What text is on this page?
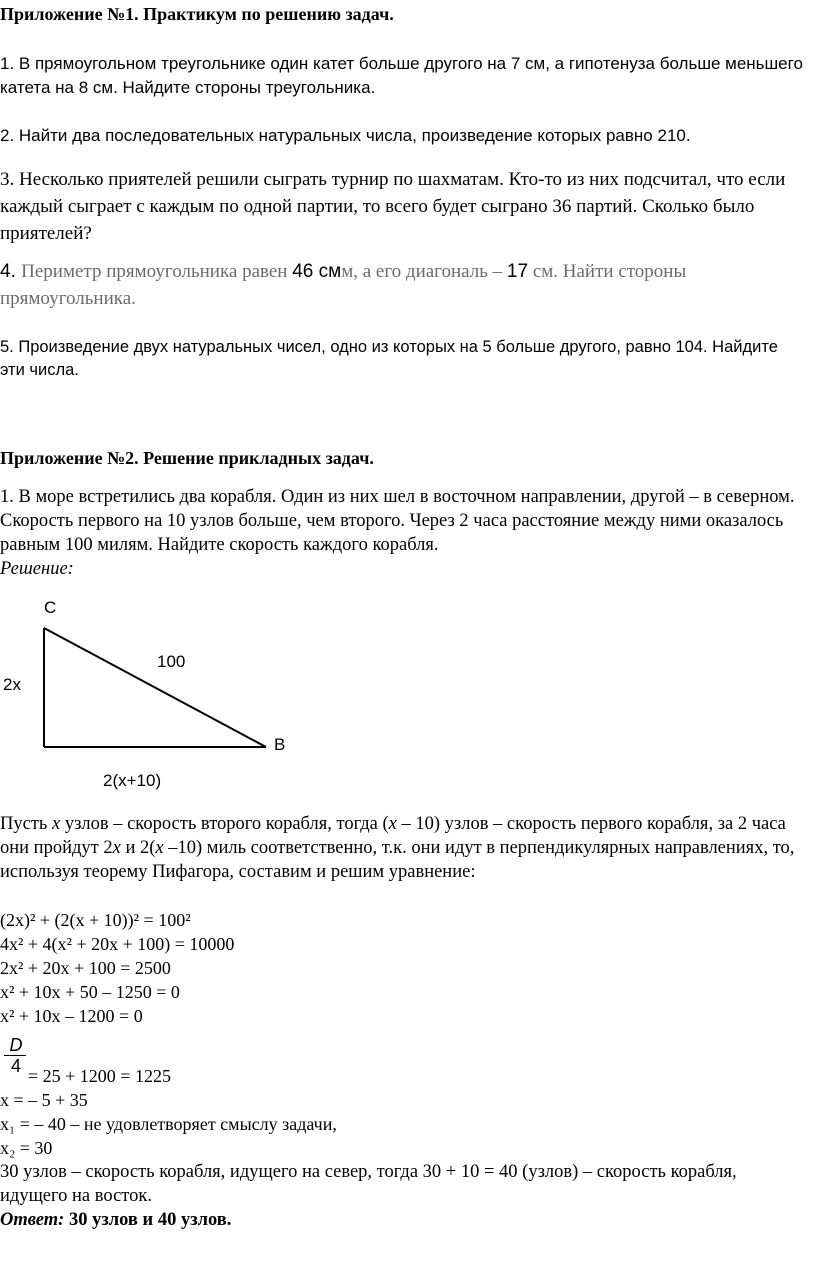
Приложение №1. Практикум по решению задач.

1. В прямоугольном треугольнике один катет больше другого на 7 см, а гипотенуза больше меньшего катета на 8 см. Найдите стороны треугольника.

2. Найти два последовательных натуральных числа, произведение которых равно 210.

3. Несколько приятелей решили сыграть турнир по шахматам. Кто-то из них подсчитал, что если каждый сыграет с каждым по одной партии, то всего будет сыграно 36 партий. Сколько было приятелей?

4. Периметр прямоугольника равен 46 смм, а его диагональ – 17 см. Найти стороны прямоугольника.

5. Произведение двух натуральных чисел, одно из которых на 5 больше другого, равно 104. Найдите эти числа.

Приложение №2. Решение прикладных задач.

1. В море встретились два корабля. Один из них шел в восточном направлении, другой – в северном. Скорость первого на 10 узлов больше, чем второго. Через 2 часа расстояние между ними оказалось равным 100 милям. Найдите скорость каждого корабля.

Решение:

C
B
100
2x
2(x+10)

Пусть x узлов – скорость второго корабля, тогда (x – 10) узлов – скорость первого корабля, за 2 часа они пройдут 2x и 2(x –10) миль соответственно, т.к. они идут в перпендикулярных направлениях, то, используя теорему Пифагора, составим и решим уравнение:

(2x)² + (2(x + 10))² = 100²
4x² + 4(x² + 20x + 100) = 10000
2x² + 20x + 100 = 2500
x² + 10x + 50 – 1250 = 0
x² + 10x – 1200 = 0
D
4 = 25 + 1200 = 1225
x = – 5 + 35
x₁ = – 40 – не удовлетворяет смыслу задачи,
x₂ = 30

30 узлов – скорость корабля, идущего на север, тогда 30 + 10 = 40 (узлов) – скорость корабля, идущего на восток.

Ответ: 30 узлов и 40 узлов.
